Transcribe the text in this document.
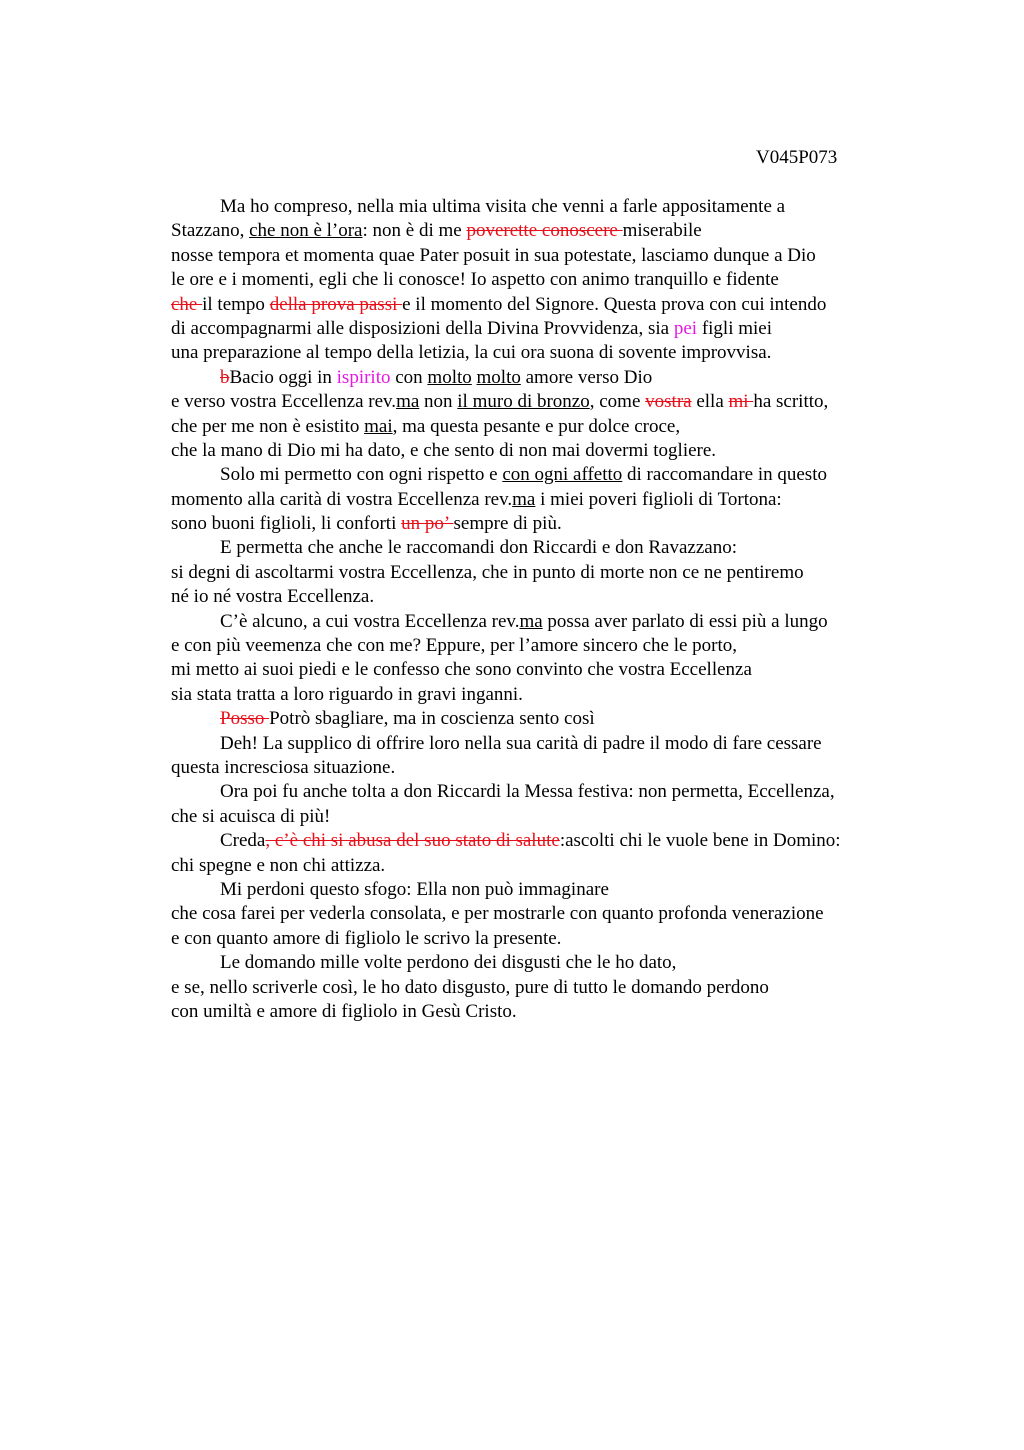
V045P073
Ma ho compreso, nella mia ultima visita che venni a farle appositamente a
Stazzano, che non è l’ora: non è di me poverette conoscere miserabile
nosse tempora et momenta quae Pater posuit in sua potestate, lasciamo dunque a Dio
le ore e i momenti, egli che li conosce! Io aspetto con animo tranquillo e fidente
che il tempo della prova passi e il momento del Signore. Questa prova con cui intendo
di accompagnarmi alle disposizioni della Divina Provvidenza, sia pei figli miei
una preparazione al tempo della letizia, la cui ora suona di sovente improvvisa.
bBacio oggi in ispirito con molto molto amore verso Dio
e verso vostra Eccellenza rev.ma non il muro di bronzo, come vostra ella mi ha scritto,
che per me non è esistito mai, ma questa pesante e pur dolce croce,
che la mano di Dio mi ha dato, e che sento di non mai dovermi togliere.
Solo mi permetto con ogni rispetto e con ogni affetto di raccomandare in questo
momento alla carità di vostra Eccellenza rev.ma i miei poveri figlioli di Tortona:
sono buoni figlioli, li conforti un po’ sempre di più.
E permetta che anche le raccomandi don Riccardi e don Ravazzano:
si degni di ascoltarmi vostra Eccellenza, che in punto di morte non ce ne pentiremo
né io né vostra Eccellenza.
C’è alcuno, a cui vostra Eccellenza rev.ma possa aver parlato di essi più a lungo
e con più veemenza che con me? Eppure, per l’amore sincero che le porto,
mi metto ai suoi piedi e le confesso che sono convinto che vostra Eccellenza
sia stata tratta a loro riguardo in gravi inganni.
Posso Potrò sbagliare, ma in coscienza sento così
Deh! La supplico di offrire loro nella sua carità di padre il modo di fare cessare
questa incresciosa situazione.
Ora poi fu anche tolta a don Riccardi la Messa festiva: non permetta, Eccellenza,
che si acuisca di più!
Creda, c’è chi si abusa del suo stato di salute:ascolti chi le vuole bene in Domino:
chi spegne e non chi attizza.
Mi perdoni questo sfogo: Ella non può immaginare
che cosa farei per vederla consolata, e per mostrarle con quanto profonda venerazione
e con quanto amore di figliolo le scrivo la presente.
Le domando mille volte perdono dei disgusti che le ho dato,
e se, nello scriverle così, le ho dato disgusto, pure di tutto le domando perdono
con umiltà e amore di figliolo in Gesù Cristo.
